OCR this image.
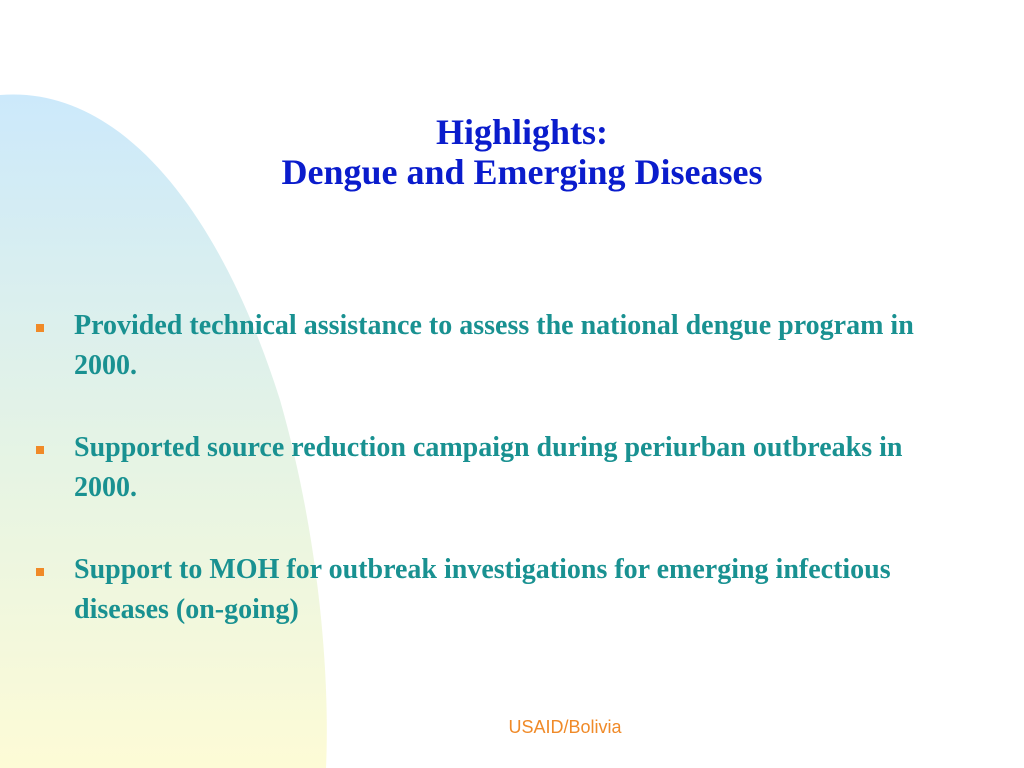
Highlights:
Dengue and Emerging Diseases
Provided technical assistance to assess the national dengue program in 2000.
Supported source reduction campaign during periurban outbreaks in 2000.
Support to MOH for outbreak investigations for emerging infectious diseases (on-going)
USAID/Bolivia
